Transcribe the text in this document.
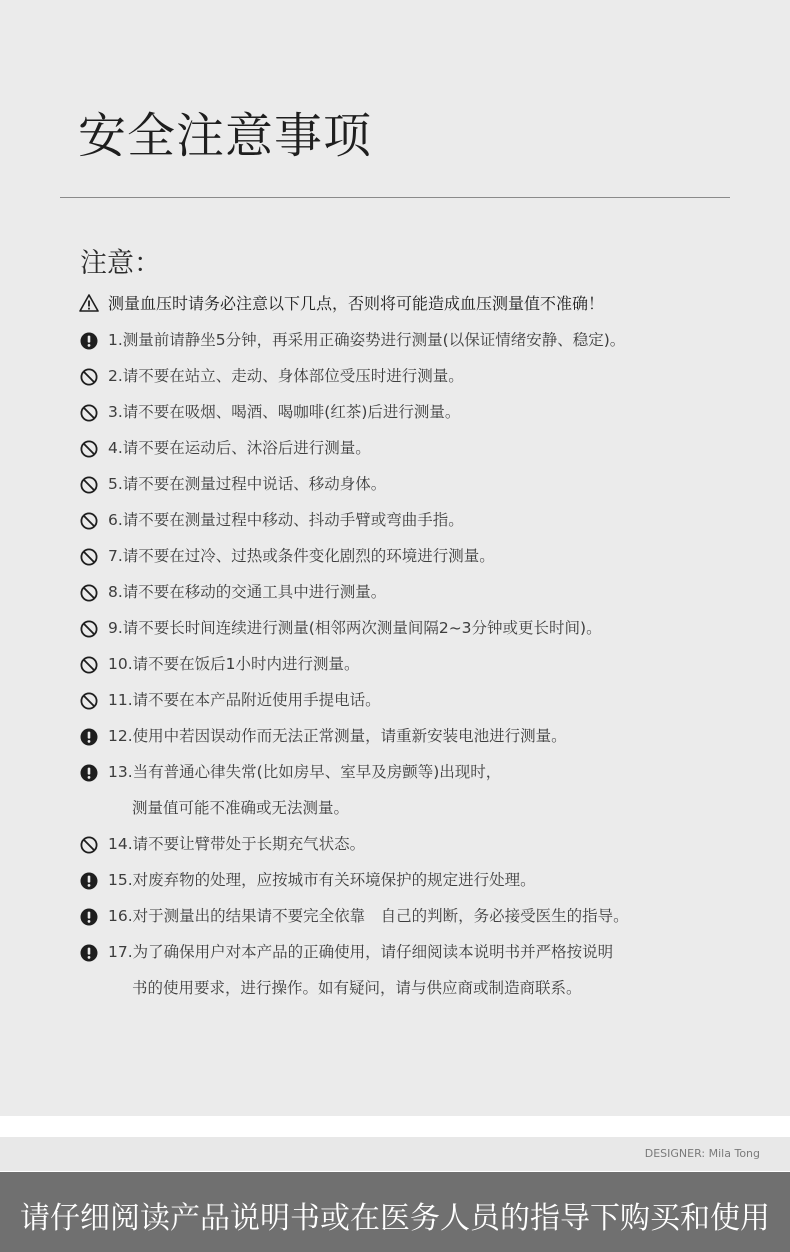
安全注意事项
注意：
测量血压时请务必注意以下几点，否则将可能造成血压测量值不准确！
1.测量前请静坐5分钟，再采用正确姿势进行测量(以保证情绪安静、稳定)。
2.请不要在站立、走动、身体部位受压时进行测量。
3.请不要在吸烟、喝酒、喝咖啡(红茶)后进行测量。
4.请不要在运动后、沐浴后进行测量。
5.请不要在测量过程中说话、移动身体。
6.请不要在测量过程中移动、抖动手臂或弯曲手指。
7.请不要在过冷、过热或条件变化剧烈的环境进行测量。
8.请不要在移动的交通工具中进行测量。
9.请不要长时间连续进行测量(相邻两次测量间隔2~3分钟或更长时间)。
10.请不要在饭后1小时内进行测量。
11.请不要在本产品附近使用手提电话。
12.使用中若因误动作而无法正常测量，请重新安装电池进行测量。
13.当有普通心律失常(比如房早、室早及房颤等)出现时，
测量值可能不准确或无法测量。
14.请不要让臂带处于长期充气状态。
15.对废弃物的处理，应按城市有关环境保护的规定进行处理。
16.对于测量出的结果请不要完全依靠　自己的判断，务必接受医生的指导。
17.为了确保用户对本产品的正确使用，请仔细阅读本说明书并严格按说明
书的使用要求，进行操作。如有疑问，请与供应商或制造商联系。
DESIGNER: Mila Tong
请仔细阅读产品说明书或在医务人员的指导下购买和使用
